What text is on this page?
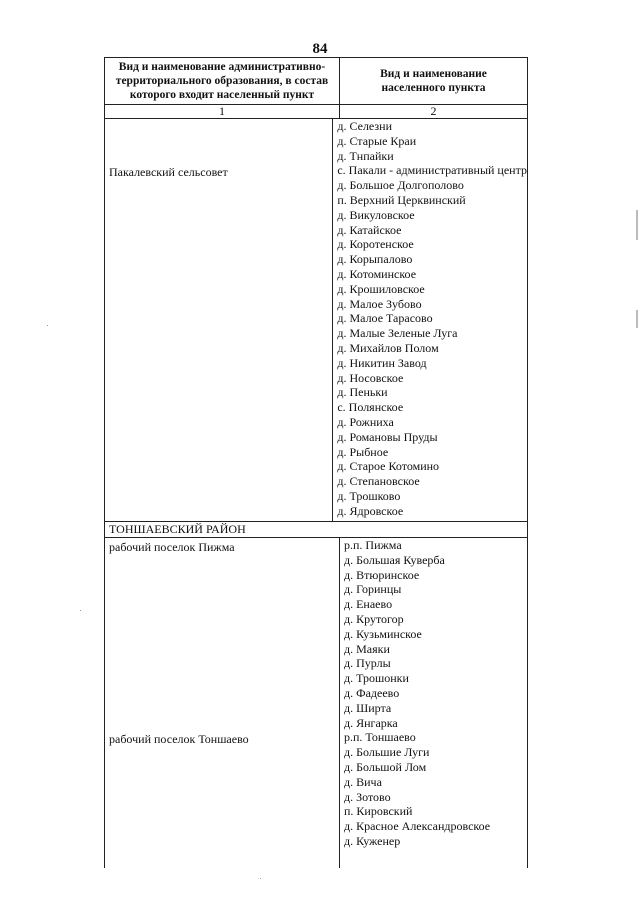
84
Вид и наименование административно-территориального образования, в состав которого входит населенный пункт
Вид и наименование населенного пункта
1	2
Пакалевский сельсовет
д. Селезни
д. Старые Краи
д. Тнпайки
с. Пакали - административный центр
д. Большое Долгополово
п. Верхний Церквинский
д. Викуловское
д. Катайское
д. Коротенское
д. Корыпалово
д. Котоминское
д. Крошиловское
д. Малое Зубово
д. Малое Тарасово
д. Малые Зеленые Луга
д. Михайлов Полом
д. Никитин Завод
д. Носовское
д. Пеньки
с. Полянское
д. Рожниха
д. Романовы Пруды
д. Рыбное
д. Старое Котомино
д. Степановское
д. Трошково
д. Ядровское
ТОНШАЕВСКИЙ РАЙОН
рабочий поселок Пижма
рабочий поселок Тоншаево
р.п. Пижма
д. Большая Куверба
д. Втюринское
д. Горинцы
д. Енаево
д. Крутогор
д. Кузьминское
д. Маяки
д. Пурлы
д. Трошонки
д. Фадеево
д. Ширта
д. Янгарка
р.п. Тоншаево
д. Большие Луги
д. Большой Лом
д. Вича
д. Зотово
п. Кировский
д. Красное Александровское
д. Куженер
